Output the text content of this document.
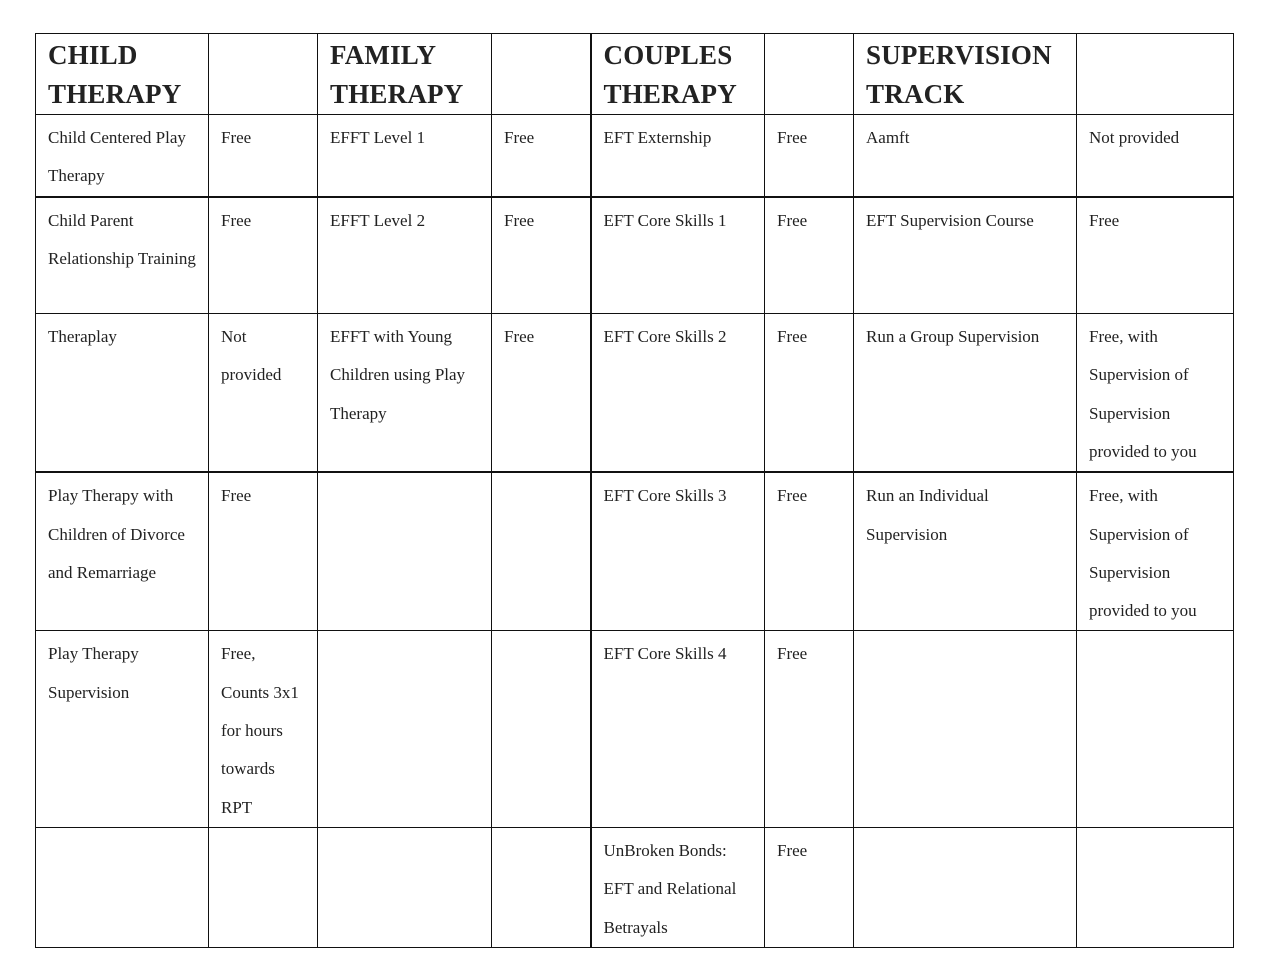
CHILD THERAPY		FAMILY THERAPY		COUPLES THERAPY		SUPERVISION TRACK	
Child Centered Play Therapy	Free	EFFT Level 1	Free	EFT Externship	Free	Aamft	Not provided
Child Parent Relationship Training	Free	EFFT Level 2	Free	EFT Core Skills 1	Free	EFT Supervision Course	Free
Theraplay	Not provided	EFFT with Young Children using Play Therapy	Free	EFT Core Skills 2	Free	Run a Group Supervision	Free, with Supervision of Supervision provided to you
Play Therapy with Children of Divorce and Remarriage	Free			EFT Core Skills 3	Free	Run an Individual Supervision	Free, with Supervision of Supervision provided to you
Play Therapy Supervision	Free, Counts 3x1 for hours towards RPT			EFT Core Skills 4	Free		
				UnBroken Bonds: EFT and Relational Betrayals	Free		
